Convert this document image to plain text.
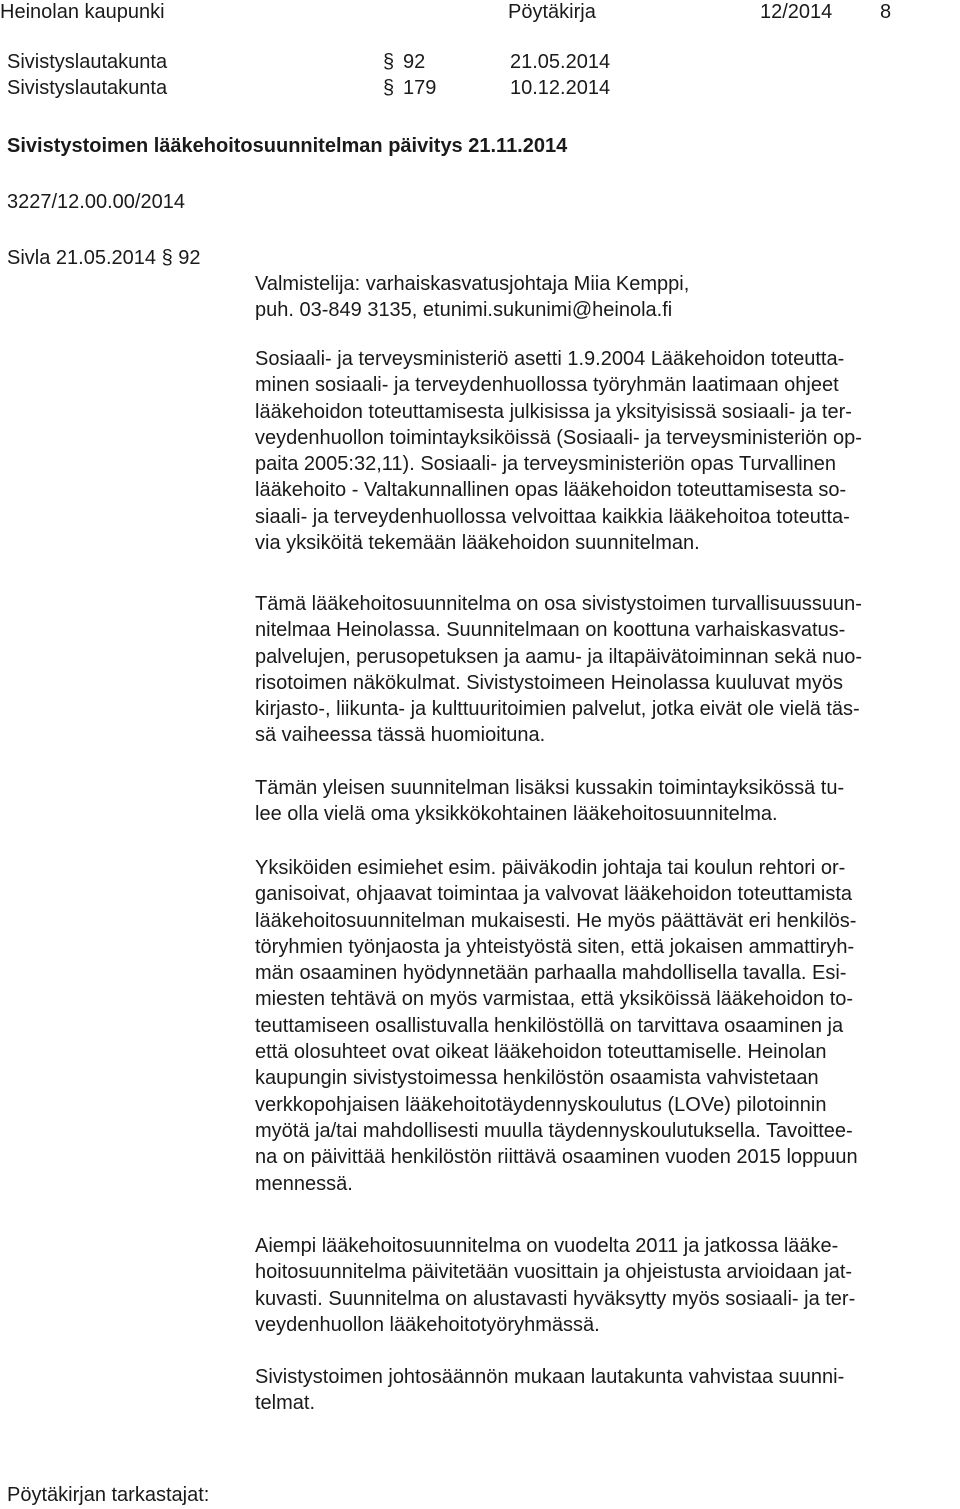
Heinolan kaupunki	Pöytäkirja	12/2014 8
Sivistyslautakunta	§ 92	21.05.2014
Sivistyslautakunta	§ 179	10.12.2014
Sivistystoimen lääkehoitosuunnitelman päivitys 21.11.2014
3227/12.00.00/2014
Sivla 21.05.2014 § 92
Valmistelija: varhaiskasvatusjohtaja Miia Kemppi,
puh. 03-849 3135, etunimi.sukunimi@heinola.fi
Sosiaali- ja terveysministeriö asetti 1.9.2004 Lääkehoidon toteutta-
minen sosiaali- ja terveydenhuollossa työryhmän laatimaan ohjeet
lääkehoidon toteuttamisesta julkisissa ja yksityisissä sosiaali- ja ter-
veydenhuollon toimintayksiköissä (Sosiaali- ja terveysministeriön op-
paita 2005:32,11). Sosiaali- ja terveysministeriön opas Turvallinen
lääkehoito - Valtakunnallinen opas lääkehoidon toteuttamisesta so-
siaali- ja terveydenhuollossa velvoittaa kaikkia lääkehoitoa toteutta-
via yksiköitä tekemään lääkehoidon suunnitelman.
Tämä lääkehoitosuunnitelma on osa sivistystoimen turvallisuussuun-
nitelmaa Heinolassa. Suunnitelmaan on koottuna varhaiskasvatus-
palvelujen, perusopetuksen ja aamu- ja iltapäivätoiminnan sekä nuo-
risotoimen näkökulmat. Sivistystoimeen Heinolassa kuuluvat myös
kirjasto-, liikunta- ja kulttuuritoimien palvelut, jotka eivät ole vielä täs-
sä vaiheessa tässä huomioituna.
Tämän yleisen suunnitelman lisäksi kussakin toimintayksikössä tu-
lee olla vielä oma yksikkökohtainen lääkehoitosuunnitelma.
Yksiköiden esimiehet esim. päiväkodin johtaja tai koulun rehtori or-
ganisoivat, ohjaavat toimintaa ja valvovat lääkehoidon toteuttamista
lääkehoitosuunnitelman mukaisesti. He myös päättävät eri henkilös-
töryhmien työnjaosta ja yhteistyöstä siten, että jokaisen ammattiryh-
män osaaminen hyödynnetään parhaalla mahdollisella tavalla. Esi-
miesten tehtävä on myös varmistaa, että yksiköissä lääkehoidon to-
teuttamiseen osallistuvalla henkilöstöllä on tarvittava osaaminen ja
että olosuhteet ovat oikeat lääkehoidon toteuttamiselle. Heinolan
kaupungin sivistystoimessa henkilöstön osaamista vahvistetaan
verkkopohjaisen lääkehoitotäydennyskoulutus (LOVe) pilotoinnin
myötä ja/tai mahdollisesti muulla täydennyskoulutuksella. Tavoittee-
na on päivittää henkilöstön riittävä osaaminen vuoden 2015 loppuun
mennessä.
Aiempi lääkehoitosuunnitelma on vuodelta 2011 ja jatkossa lääke-
hoitosuunnitelma päivitetään vuosittain ja ohjeistusta arvioidaan jat-
kuvasti. Suunnitelma on alustavasti hyväksytty myös sosiaali- ja ter-
veydenhuollon lääkehoitotyöryhmässä.
Sivistystoimen johtosäännön mukaan lautakunta vahvistaa suunni-
telmat.
Pöytäkirjan tarkastajat:
